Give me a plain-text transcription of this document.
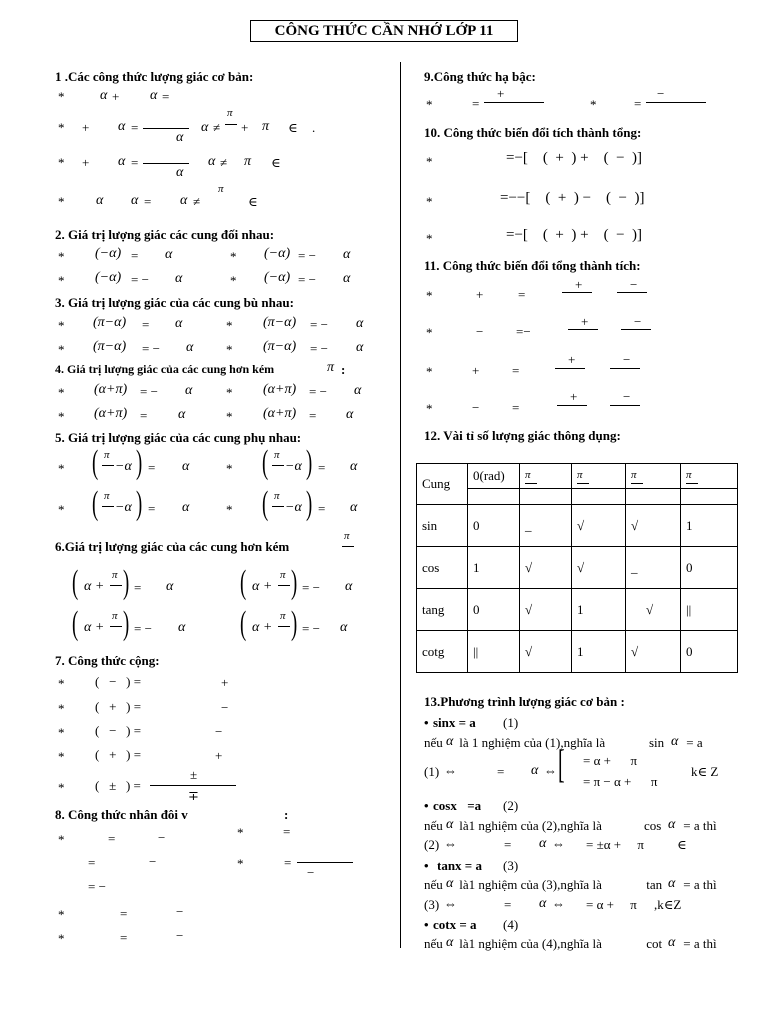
CÔNG THỨC CẦN NHỚ LỚP 11
1 .Các công thức lượng giác cơ bản:
*	α + α =
* + α =
α
α ≠
π
+ π ∈ .
* + α =
α
α ≠ π ∈
* α α = α ≠
π
∈
2. Giá trị lượng giác các cung đối nhau:
* (−α) = α	* (−α) = − α
* (−α) = − α	* (−α) = − α
3. Giá trị lượng giác của các cung bù nhau:
* (π−α) = α	* (π−α) = − α
* (π−α) = − α	* (π−α) = − α
4. Giá trị lượng giác của các cung hơn kém	π :
* (α+π) = − α	* (α+π) = − α
* (α+π) = α	* (α+π) = α
5. Giá trị lượng giác của các cung phụ nhau:
* ( π
−α ) = α	* ( π
−α ) = α
* ( π
−α ) = α	* ( π
−α ) = α
6.Giá trị lượng giác của các cung hơn kém
π
( α +
π ) = α ( α +
π ) = − α
( α +
π ) = − α ( α +
π ) = − α
7. Công thức cộng:
* (   −   ) =	+
* (   +   ) =	−
* (   −   ) =	−
* (   +   ) =	+
* (   ±   ) =
±
∓
8. Công thức nhân đôi v	:
*	=	−	*	=
=	−	*	=
−
= −
*	=	−
*	=	−
9.Công thức hạ bậc:
*	=
+
*	=
−
10. Công thức biến đổi tích thành tổng:
*	=−[    (  +  ) +    (  −  )]
*	=−−[    (  +  ) −    (  −  )]
*	=−[    (  +  ) +    (  −  )]
11. Công thức biến đổi tổng thành tích:
*	+	=
+	−
*	−	=−
+	−
*	+	=
+	−
*	−	=
+	−
12. Vài tỉ số lượng giác thông dụng:
Cung	0(rad)	π	π	π	π

sin	0	_	√	√	1
cos	1	√	√	_	0
tang	0	√	1	√	||
cotg	||	√	1	√	0
13.Phương trình lượng giác cơ bản :
• sinx = a (1)
nếu α là 1 nghiệm của (1),nghĩa là	sin α = a
(1) ⇔	= α ⇔ [ = α +      π
= π − α +      π
k∈ Z
• cosx =a (2)
nếu α là1 nghiệm của (2),nghĩa là	cos α = a thì
(2) ⇔	= α ⇔ = ±α +     π	∈
• tanx = a (3)
nếu α là1 nghiệm của (3),nghĩa là	tan α = a thì
(3) ⇔	= α ⇔ = α +     π ,k∈Z
• cotx = a (4)
nếu α là1 nghiệm của (4),nghĩa là	cot α = a thì
